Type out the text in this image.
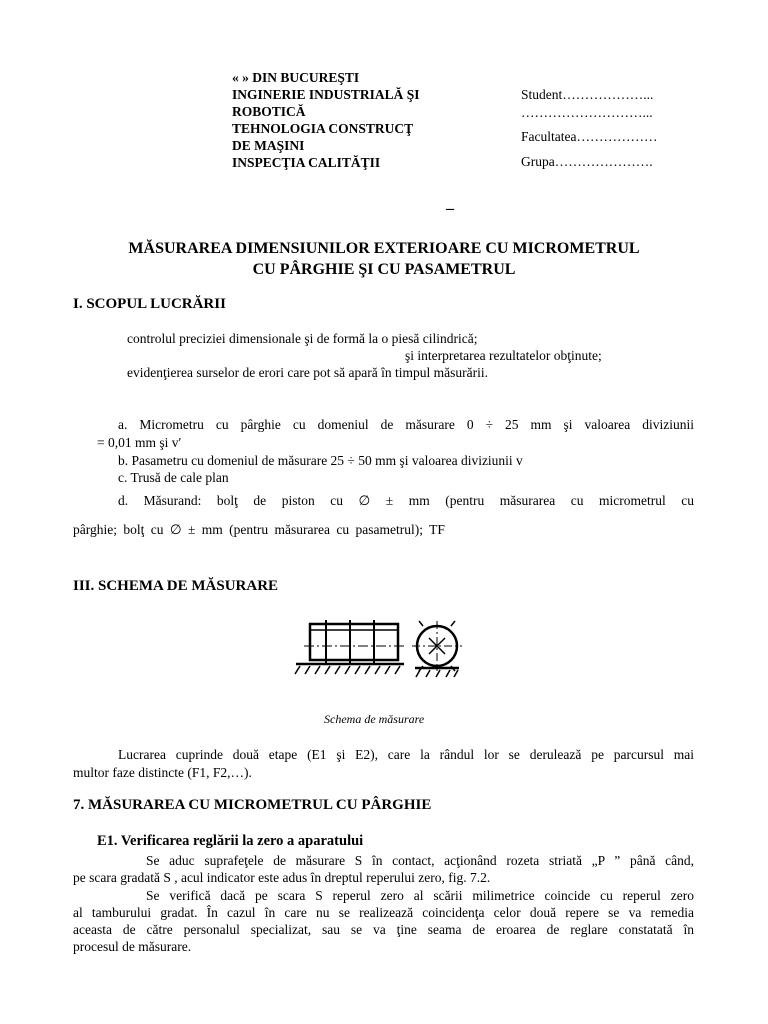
« » DIN BUCUREŞTI
INGINERIE INDUSTRIALĂ ŞI
ROBOTICĂ
TEHNOLOGIA CONSTRUCŢ
DE MAŞINI
INSPECŢIA CALITĂŢII
Student………………...
………………………...
Facultatea………………
Grupa………………….
–
MĂSURAREA DIMENSIUNILOR EXTERIOARE CU MICROMETRUL
CU PÂRGHIE ŞI CU PASAMETRUL
I. SCOPUL LUCRĂRII
controlul preciziei dimensionale şi de formă la o piesă cilindrică;
şi interpretarea rezultatelor obţinute;
evidenţierea surselor de erori care pot să apară în timpul măsurării.
a. Micrometru cu pârghie cu domeniul de măsurare 0 ÷ 25 mm şi valoarea diviziunii
= 0,01 mm şi v′
b. Pasametru cu domeniul de măsurare 25 ÷ 50 mm şi valoarea diviziunii v
c. Trusă de cale plan
d. Măsurand: bolţ de piston cu ∅ ± mm (pentru măsurarea cu micrometrul cu
pârghie; bolţ cu ∅ ± mm (pentru măsurarea cu pasametrul); TF
III. SCHEMA DE MĂSURARE
Schema de măsurare
Lucrarea cuprinde două etape (E1 şi E2), care la rândul lor se derulează pe parcursul mai
multor faze distincte (F1, F2,…).
7. MĂSURAREA CU MICROMETRUL CU PÂRGHIE
E1. Verificarea reglării la zero a aparatului
Se aduc suprafeţele de măsurare S în contact, acţionând rozeta striată „P ” până când,
pe scara gradată S , acul indicator este adus în dreptul reperului zero, fig. 7.2.
Se verifică dacă pe scara S reperul zero al scării milimetrice coincide cu reperul zero
al tamburului gradat. În cazul în care nu se realizează coincidenţa celor două repere se va remedia
aceasta de către personalul specializat, sau se va ţine seama de eroarea de reglare constatată în
procesul de măsurare.
